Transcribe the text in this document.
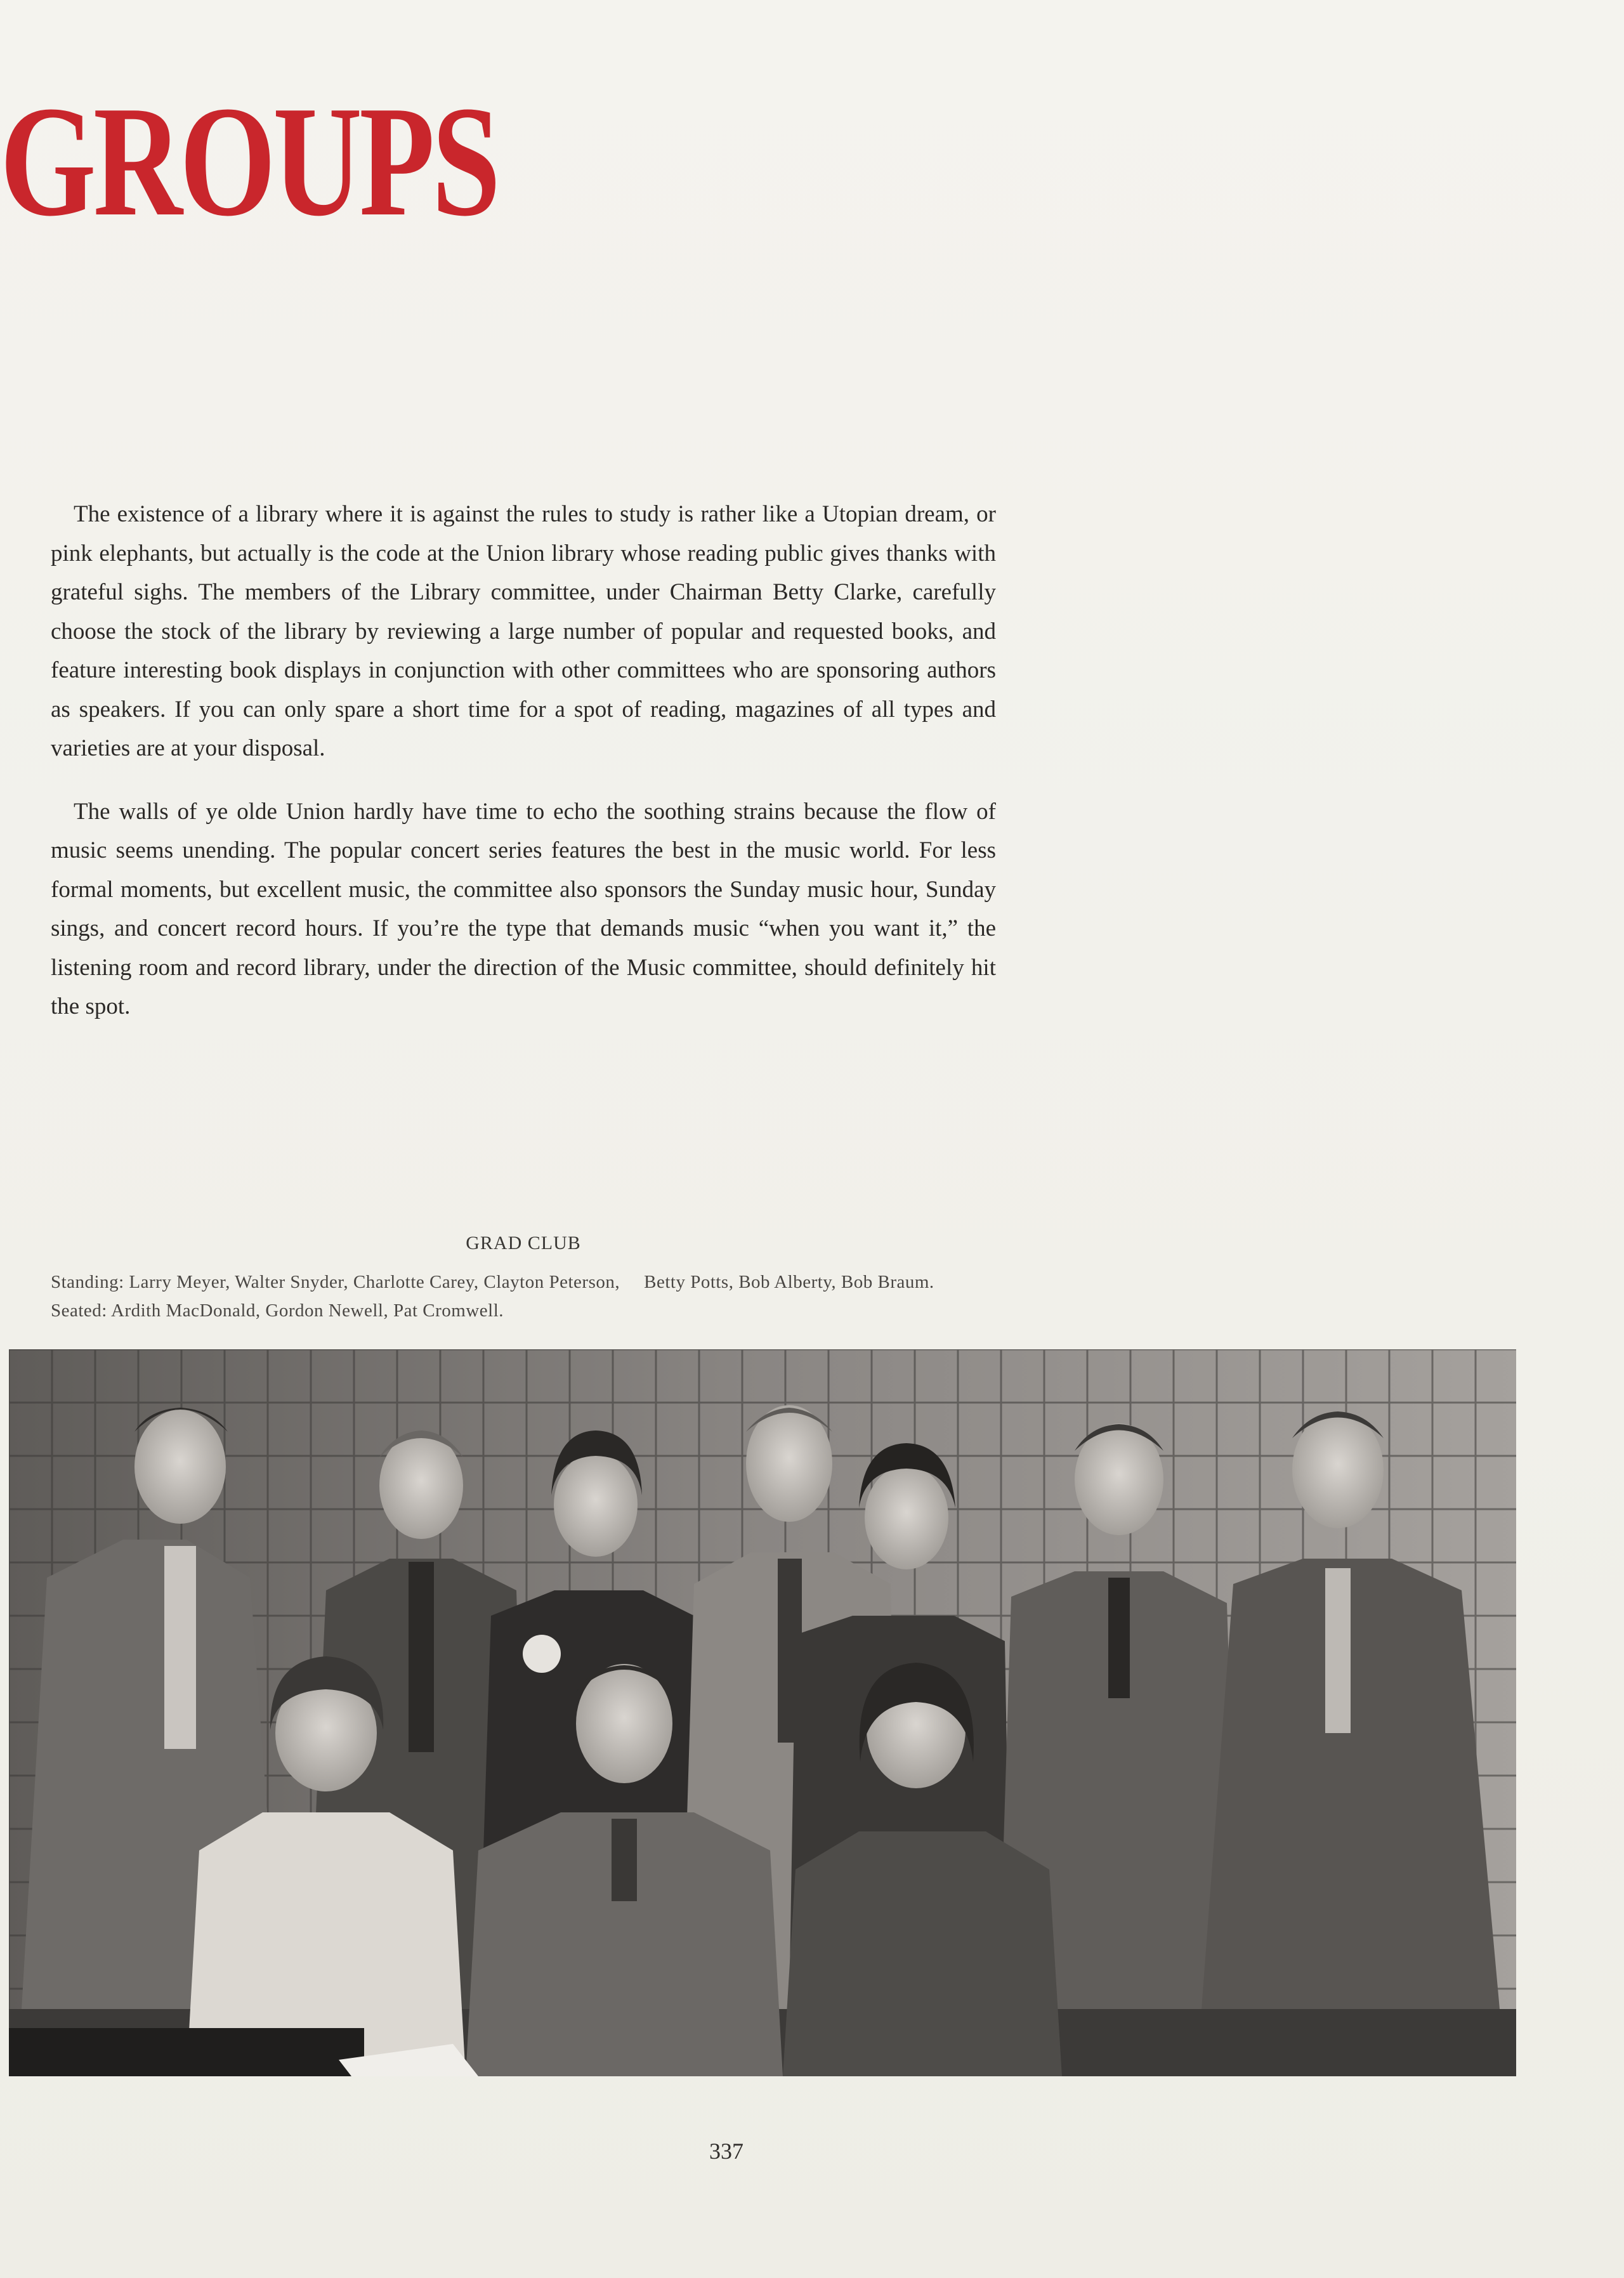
GROUPS

The existence of a library where it is against the rules to study is rather like a Utopian dream, or pink elephants, but actually is the code at the Union library whose reading public gives thanks with grateful sighs. The members of the Library committee, under Chairman Betty Clarke, carefully choose the stock of the library by reviewing a large number of popular and requested books, and feature interesting book displays in conjunction with other committees who are sponsoring authors as speakers. If you can only spare a short time for a spot of reading, magazines of all types and varieties are at your disposal.

The walls of ye olde Union hardly have time to echo the soothing strains because the flow of music seems unending. The popular concert series features the best in the music world. For less formal moments, but excellent music, the committee also sponsors the Sunday music hour, Sunday sings, and concert record hours. If you’re the type that demands music “when you want it,” the listening room and record library, under the direction of the Music committee, should definitely hit the spot.

GRAD CLUB
Standing: Larry Meyer, Walter Snyder, Charlotte Carey, Clayton Peterson, Betty Potts, Bob Alberty, Bob Braum.
Seated: Ardith MacDonald, Gordon Newell, Pat Cromwell.
337
